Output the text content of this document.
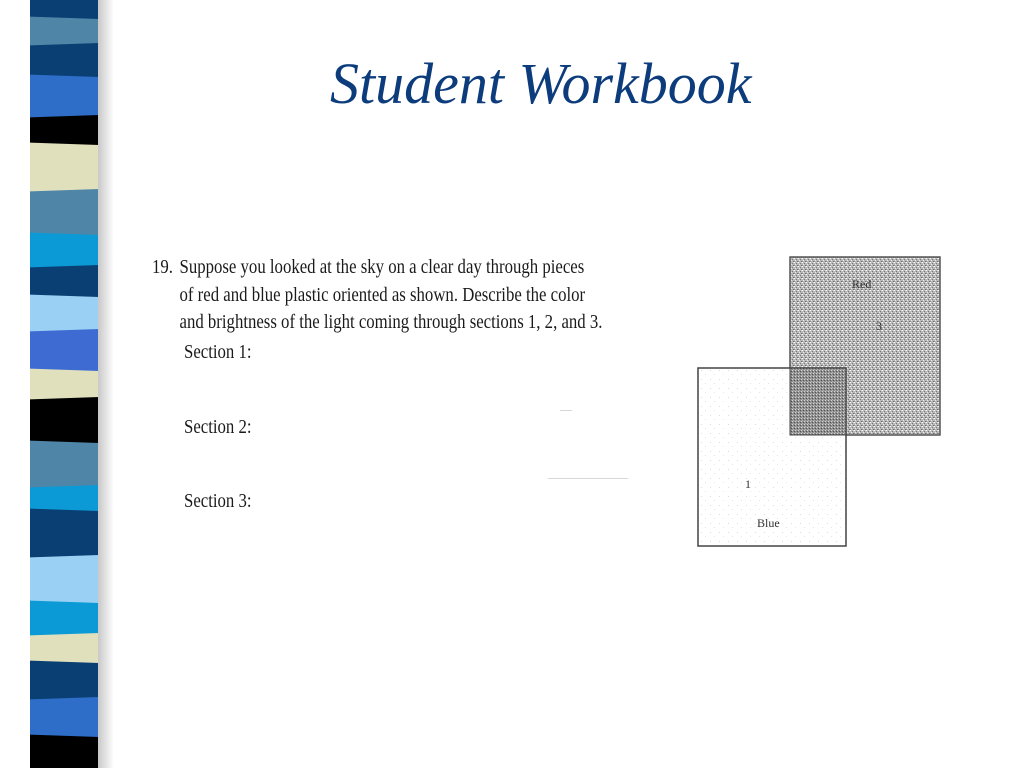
Student Workbook
19. Suppose you looked at the sky on a clear day through pieces
of red and blue plastic oriented as shown. Describe the color
and brightness of the light coming through sections 1, 2, and 3.
Section 1:
Section 2:
Section 3:
Red
3
1
Blue
